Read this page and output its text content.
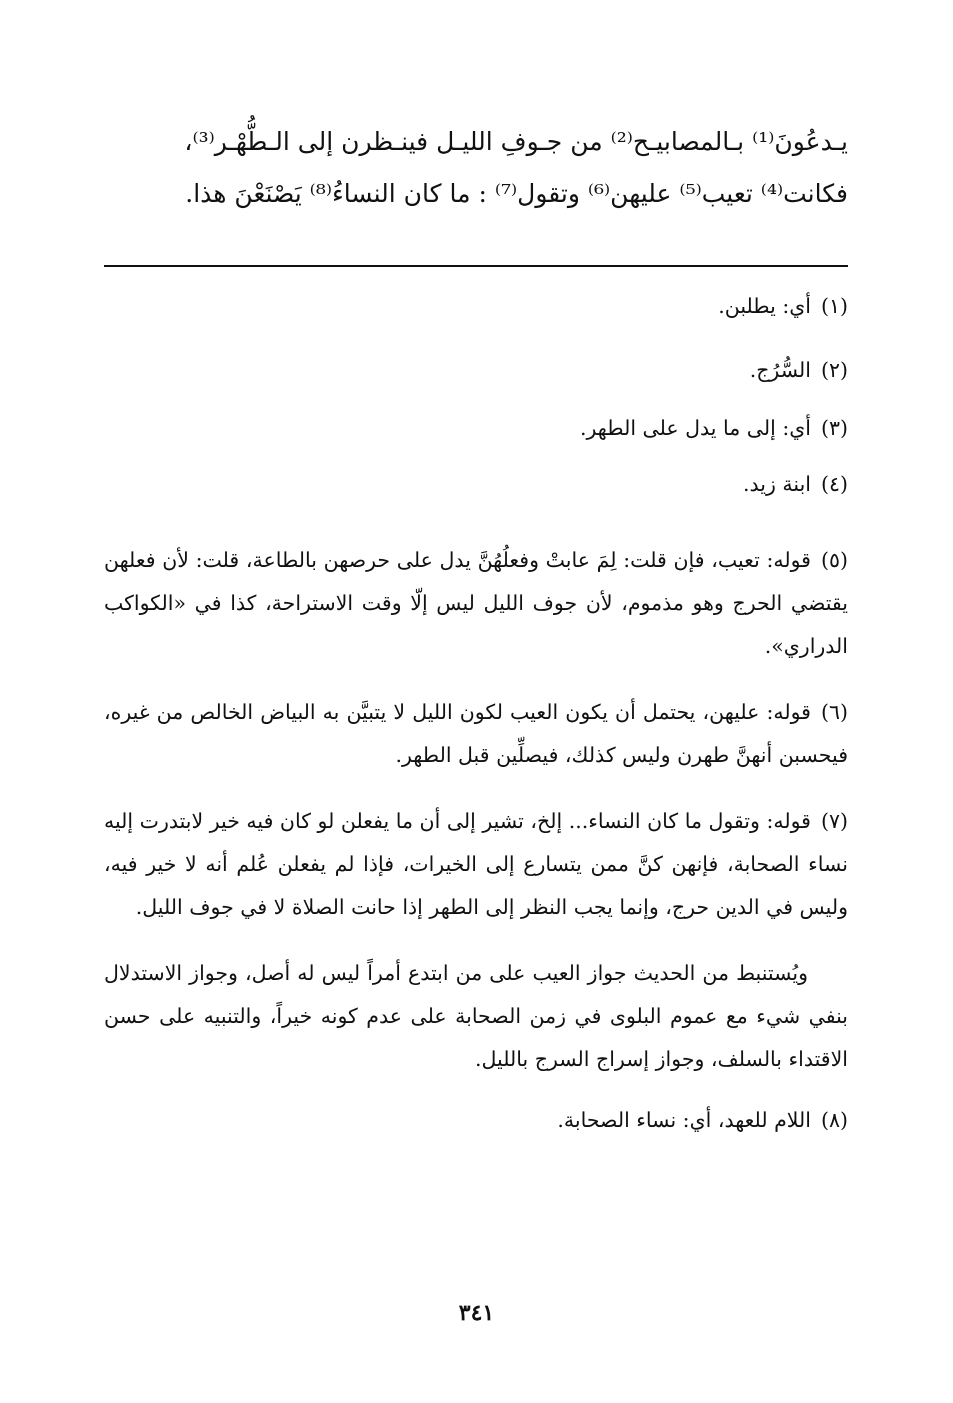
يـدعُونَ⁽¹⁾ بـالمصابيـح⁽²⁾ من جـوفِ الليـل فينـظرن إلى الـطُّهْـر⁽³⁾،

فكانت⁽⁴⁾ تعيب⁽⁵⁾ عليهن⁽⁶⁾ وتقول⁽⁷⁾ : ما كان النساءُ⁽⁸⁾ يَصْنَعْنَ هذا.

(١)أي: يطلبن.

(٢)السُّرُج.

(٣)أي: إلى ما يدل على الطهر.

(٤)ابنة زيد.

(٥)قوله: تعيب، فإن قلت: لِمَ عابتْ وفعلُهُنَّ يدل على حرصهن بالطاعة، قلت: لأن فعلهن يقتضي الحرج وهو مذموم، لأن جوف الليل ليس إلّا وقت الاستراحة، كذا في «الكواكب الدراري».

(٦)قوله: عليهن، يحتمل أن يكون العيب لكون الليل لا يتبيَّن به البياض الخالص من غيره، فيحسبن أنهنَّ طهرن وليس كذلك، فيصلِّين قبل الطهر.

(٧)قوله: وتقول ما كان النساء... إلخ، تشير إلى أن ما يفعلن لو كان فيه خير لابتدرت إليه نساء الصحابة، فإنهن كنَّ ممن يتسارع إلى الخيرات، فإذا لم يفعلن عُلم أنه لا خير فيه، وليس في الدين حرج، وإنما يجب النظر إلى الطهر إذا حانت الصلاة لا في جوف الليل.

ويُستنبط من الحديث جواز العيب على من ابتدع أمراً ليس له أصل، وجواز الاستدلال بنفي شيء مع عموم البلوى في زمن الصحابة على عدم كونه خيراً، والتنبيه على حسن الاقتداء بالسلف، وجواز إسراج السرج بالليل.

(٨)اللام للعهد، أي: نساء الصحابة.

٣٤١
